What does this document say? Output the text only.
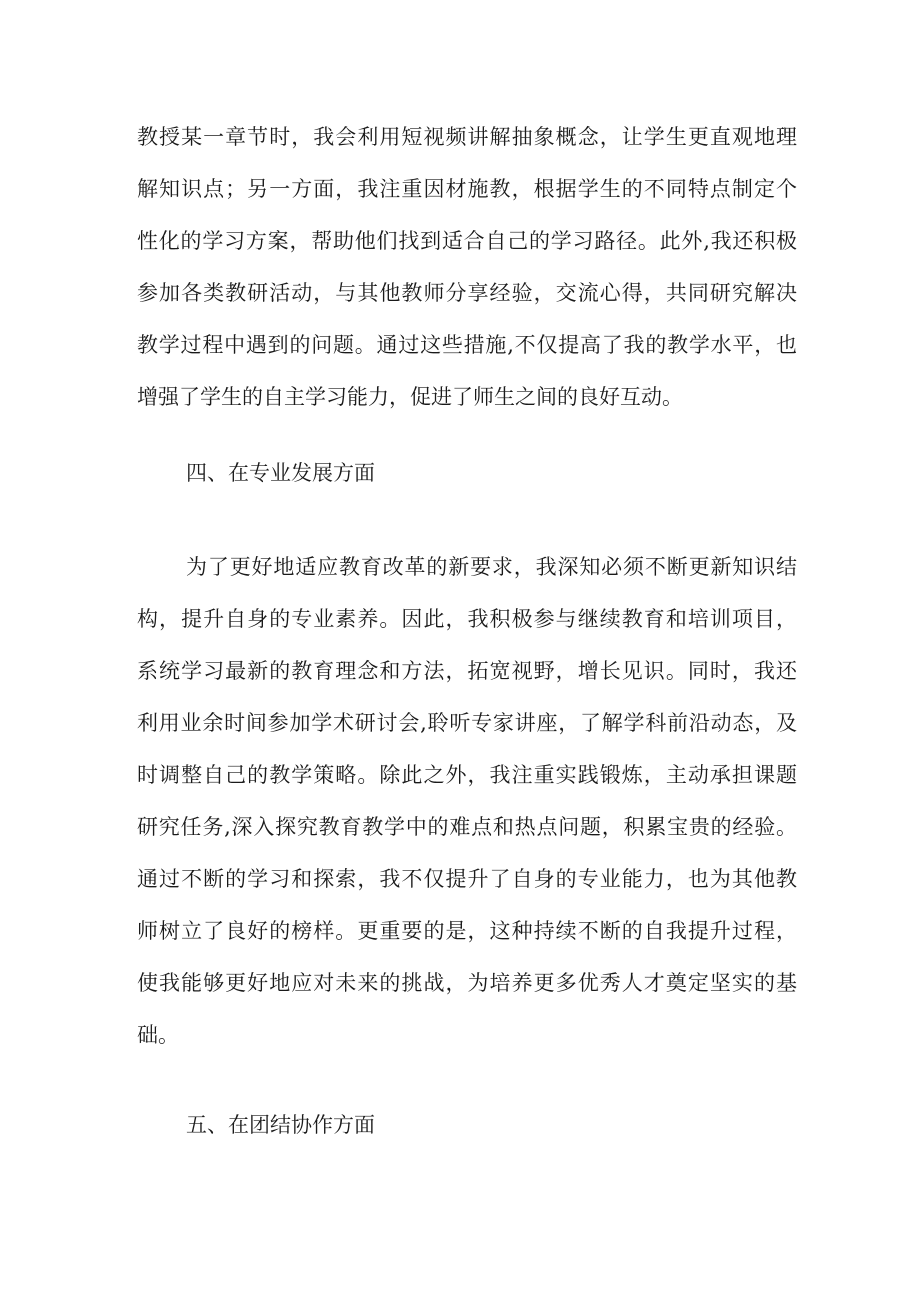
教授某一章节时，我会利用短视频讲解抽象概念，让学生更直观地理
解知识点；另一方面，我注重因材施教，根据学生的不同特点制定个
性化的学习方案，帮助他们找到适合自己的学习路径。此外,我还积极
参加各类教研活动，与其他教师分享经验，交流心得，共同研究解决
教学过程中遇到的问题。通过这些措施,不仅提高了我的教学水平，也
增强了学生的自主学习能力，促进了师生之间的良好互动。
四、在专业发展方面
为了更好地适应教育改革的新要求，我深知必须不断更新知识结
构，提升自身的专业素养。因此，我积极参与继续教育和培训项目，
系统学习最新的教育理念和方法，拓宽视野，增长见识。同时，我还
利用业余时间参加学术研讨会,聆听专家讲座，了解学科前沿动态，及
时调整自己的教学策略。除此之外，我注重实践锻炼，主动承担课题
研究任务,深入探究教育教学中的难点和热点问题，积累宝贵的经验。
通过不断的学习和探索，我不仅提升了自身的专业能力，也为其他教
师树立了良好的榜样。更重要的是，这种持续不断的自我提升过程，
使我能够更好地应对未来的挑战，为培养更多优秀人才奠定坚实的基
础。
五、在团结协作方面
